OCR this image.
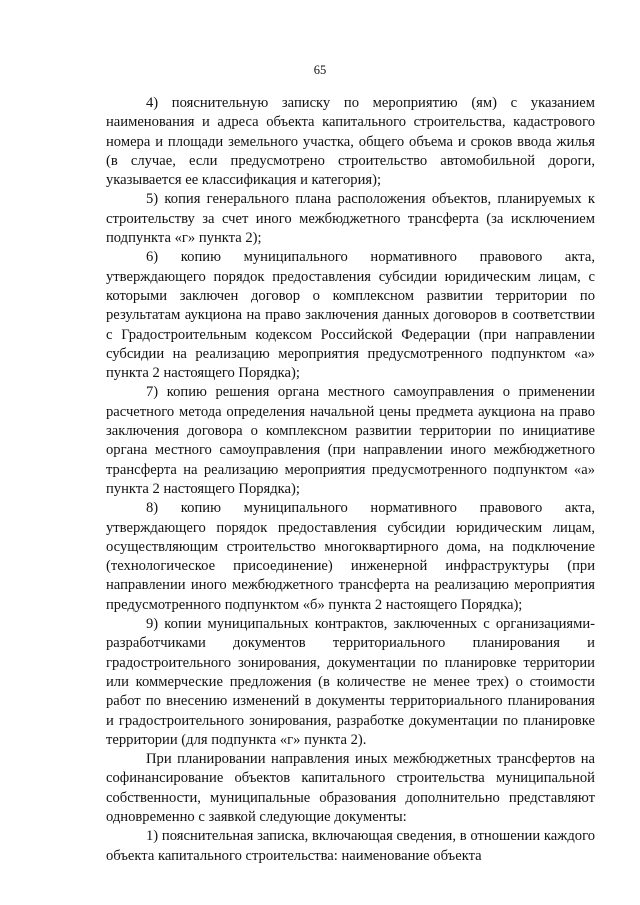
65

4) пояснительную записку по мероприятию (ям) с указанием наименования и адреса объекта капитального строительства, кадастрового номера и площади земельного участка, общего объема и сроков ввода жилья (в случае, если предусмотрено строительство автомобильной дороги, указывается ее классификация и категория);

5) копия генерального плана расположения объектов, планируемых к строительству за счет иного межбюджетного трансферта (за исключением подпункта «г» пункта 2);

6) копию муниципального нормативного правового акта, утверждающего порядок предоставления субсидии юридическим лицам, с которыми заключен договор о комплексном развитии территории по результатам аукциона на право заключения данных договоров в соответствии с Градостроительным кодексом Российской Федерации (при направлении субсидии на реализацию мероприятия предусмотренного подпунктом «а» пункта 2 настоящего Порядка);

7) копию решения органа местного самоуправления о применении расчетного метода определения начальной цены предмета аукциона на право заключения договора о комплексном развитии территории по инициативе органа местного самоуправления (при направлении иного межбюджетного трансферта на реализацию мероприятия предусмотренного подпунктом «а» пункта 2 настоящего Порядка);

8) копию муниципального нормативного правового акта, утверждающего порядок предоставления субсидии юридическим лицам, осуществляющим строительство многоквартирного дома, на подключение (технологическое присоединение) инженерной инфраструктуры (при направлении иного межбюджетного трансферта на реализацию мероприятия предусмотренного подпунктом «б» пункта 2 настоящего Порядка);

9) копии муниципальных контрактов, заключенных с организациями-разработчиками документов территориального планирования и градостроительного зонирования, документации по планировке территории или коммерческие предложения (в количестве не менее трех) о стоимости работ по внесению изменений в документы территориального планирования и градостроительного зонирования, разработке документации по планировке территории (для подпункта «г» пункта 2).

При планировании направления иных межбюджетных трансфертов на софинансирование объектов капитального строительства муниципальной собственности, муниципальные образования дополнительно представляют одновременно с заявкой следующие документы:

1) пояснительная записка, включающая сведения, в отношении каждого объекта капитального строительства: наименование объекта
